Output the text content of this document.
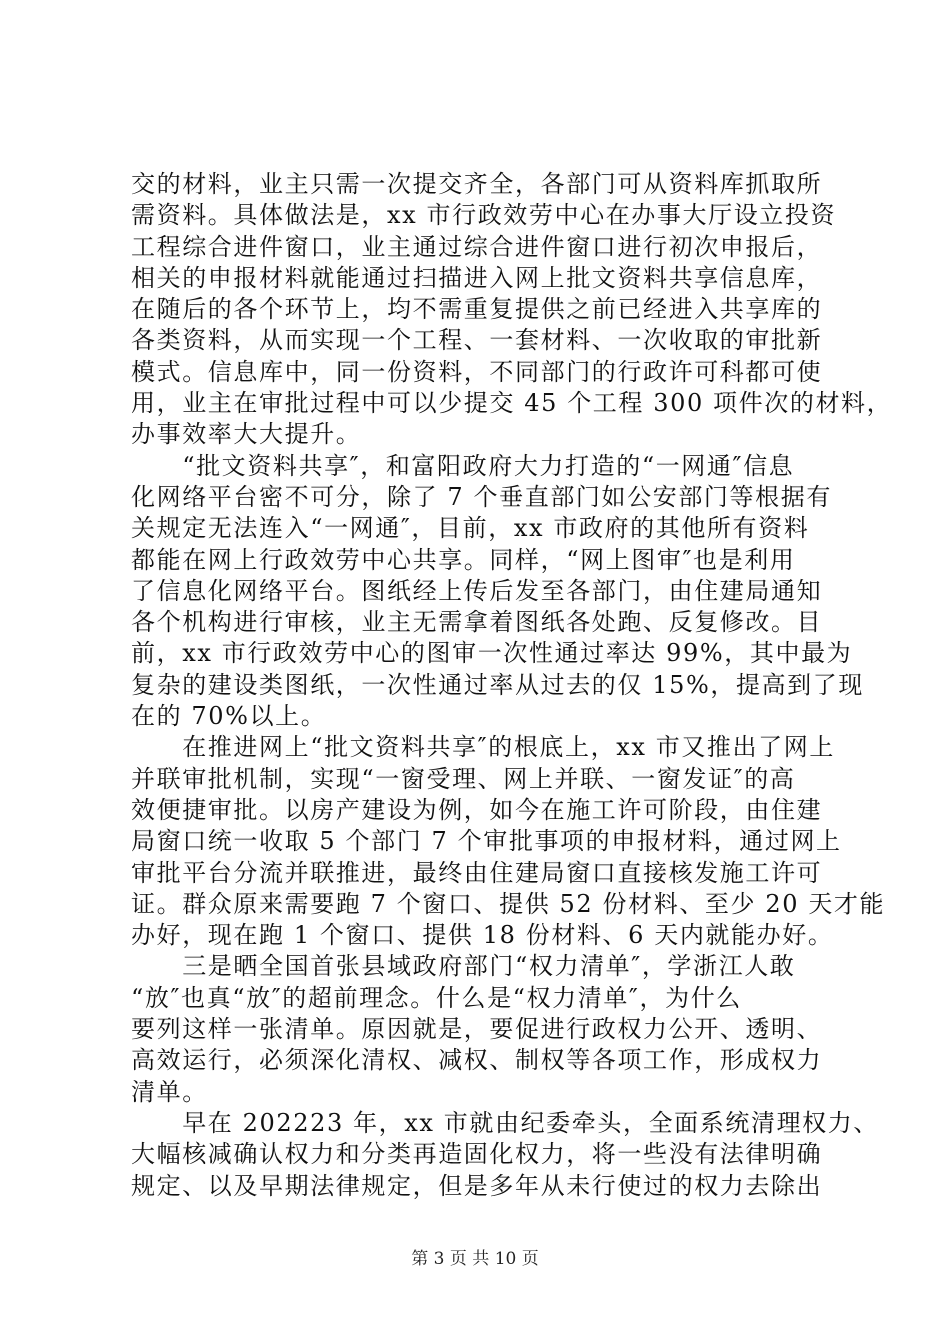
交的材料，业主只需一次提交齐全，各部门可从资料库抓取所
需资料。具体做法是，xx 市行政效劳中心在办事大厅设立投资
工程综合进件窗口，业主通过综合进件窗口进行初次申报后，
相关的申报材料就能通过扫描进入网上批文资料共享信息库，
在随后的各个环节上，均不需重复提供之前已经进入共享库的
各类资料，从而实现一个工程、一套材料、一次收取的审批新
模式。信息库中，同一份资料，不同部门的行政许可科都可使
用，业主在审批过程中可以少提交 45 个工程 300 项件次的材料，
办事效率大大提升。
　　“批文资料共享″，和富阳政府大力打造的“一网通″信息
化网络平台密不可分，除了 7 个垂直部门如公安部门等根据有
关规定无法连入“一网通″，目前，xx 市政府的其他所有资料
都能在网上行政效劳中心共享。同样，“网上图审″也是利用
了信息化网络平台。图纸经上传后发至各部门，由住建局通知
各个机构进行审核，业主无需拿着图纸各处跑、反复修改。目
前，xx 市行政效劳中心的图审一次性通过率达 99%，其中最为
复杂的建设类图纸，一次性通过率从过去的仅 15%，提高到了现
在的 70%以上。
　　在推进网上“批文资料共享″的根底上，xx 市又推出了网上
并联审批机制，实现“一窗受理、网上并联、一窗发证″的高
效便捷审批。以房产建设为例，如今在施工许可阶段，由住建
局窗口统一收取 5 个部门 7 个审批事项的申报材料，通过网上
审批平台分流并联推进，最终由住建局窗口直接核发施工许可
证。群众原来需要跑 7 个窗口、提供 52 份材料、至少 20 天才能
办好，现在跑 1 个窗口、提供 18 份材料、6 天内就能办好。
　　三是晒全国首张县域政府部门“权力清单″，学浙江人敢
“放″也真“放″的超前理念。什么是“权力清单″，为什么
要列这样一张清单。原因就是，要促进行政权力公开、透明、
高效运行，必须深化清权、减权、制权等各项工作，形成权力
清单。
　　早在 202223 年，xx 市就由纪委牵头，全面系统清理权力、
大幅核减确认权力和分类再造固化权力，将一些没有法律明确
规定、以及早期法律规定，但是多年从未行使过的权力去除出
第 3 页 共 10 页
